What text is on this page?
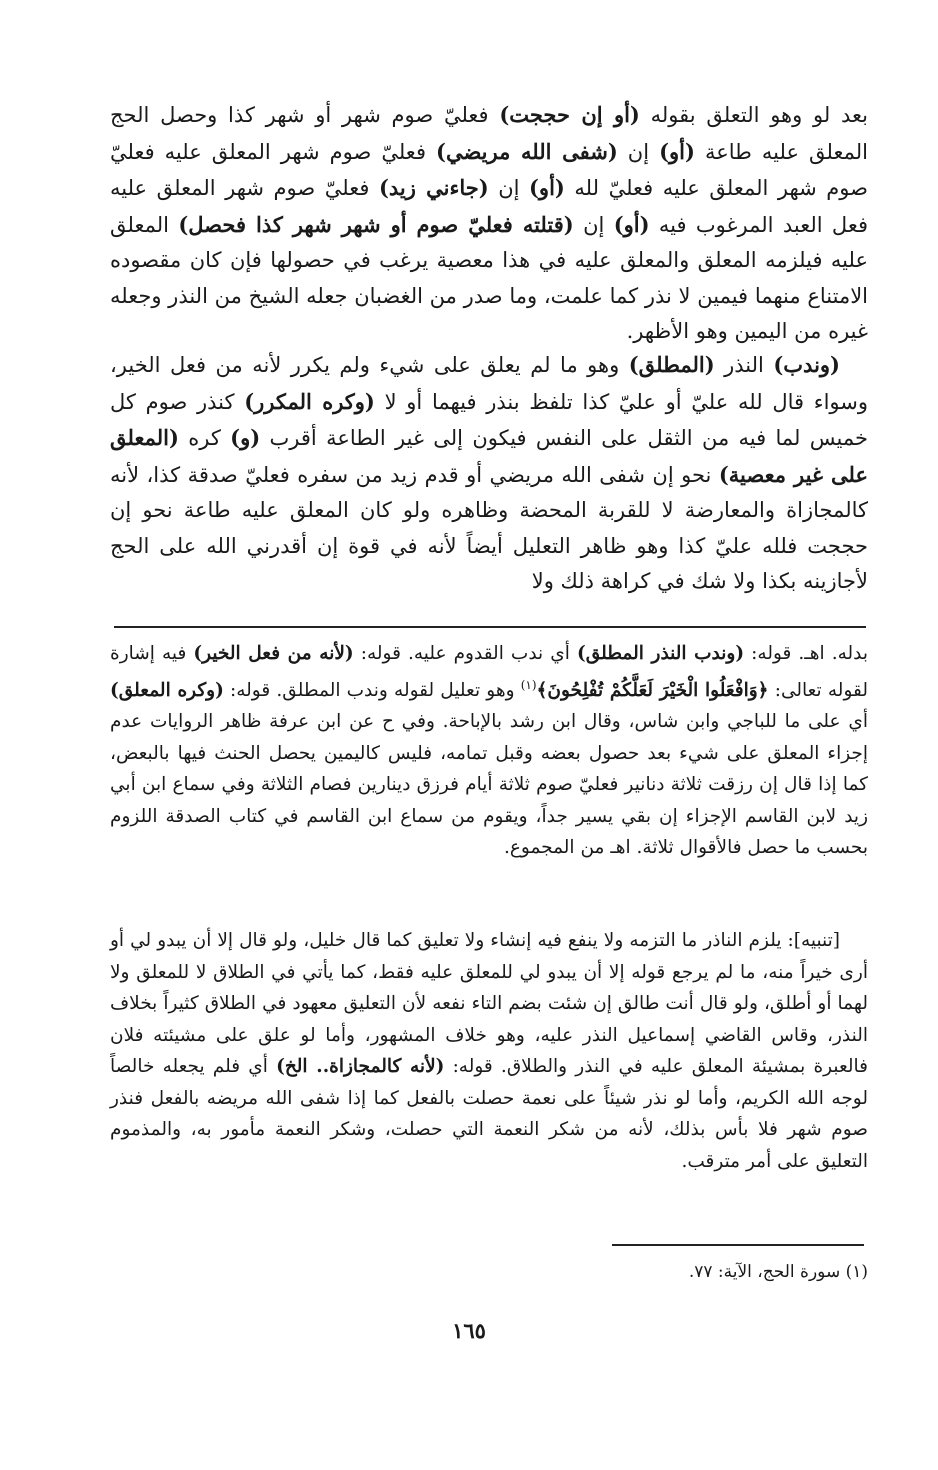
بعد لو وهو التعلق بقوله (أو إن حججت) فعليّ صوم شهر أو شهر كذا وحصل الحج المعلق عليه طاعة (أو) إن (شفى الله مريضي) فعليّ صوم شهر المعلق عليه فعليّ صوم شهر المعلق عليه فعليّ لله (أو) إن (جاءني زيد) فعليّ صوم شهر المعلق عليه فعل العبد المرغوب فيه (أو) إن (قتلته فعليّ صوم أو شهر شهر كذا فحصل) المعلق عليه فيلزمه المعلق والمعلق عليه في هذا معصية يرغب في حصولها فإن كان مقصوده الامتناع منهما فيمين لا نذر كما علمت، وما صدر من الغضبان جعله الشيخ من النذر وجعله غيره من اليمين وهو الأظهر.
(وندب) النذر (المطلق) وهو ما لم يعلق على شيء ولم يكرر لأنه من فعل الخير، وسواء قال لله عليّ أو عليّ كذا تلفظ بنذر فيهما أو لا (وكره المكرر) كنذر صوم كل خميس لما فيه من الثقل على النفس فيكون إلى غير الطاعة أقرب (و) كره (المعلق على غير معصية) نحو إن شفى الله مريضي أو قدم زيد من سفره فعليّ صدقة كذا، لأنه كالمجازاة والمعارضة لا للقربة المحضة وظاهره ولو كان المعلق عليه طاعة نحو إن حججت فلله عليّ كذا وهو ظاهر التعليل أيضاً لأنه في قوة إن أقدرني الله على الحج لأجازينه بكذا ولا شك في كراهة ذلك ولا
بدله. اهـ. قوله: (وندب النذر المطلق) أي ندب القدوم عليه. قوله: (لأنه من فعل الخير) فيه إشارة لقوله تعالى: ﴿وَافْعَلُوا الْخَيْرَ لَعَلَّكُمْ تُفْلِحُونَ﴾$^{(١)}$ وهو تعليل لقوله وندب المطلق. قوله: (وكره المعلق) أي على ما للباجي وابن شاس، وقال ابن رشد بالإباحة. وفي ح عن ابن عرفة ظاهر الروايات عدم إجزاء المعلق على شيء بعد حصول بعضه وقبل تمامه، فليس كاليمين يحصل الحنث فيها بالبعض، كما إذا قال إن رزقت ثلاثة دنانير فعليّ صوم ثلاثة أيام فرزق دينارين فصام الثلاثة وفي سماع ابن أبي زيد لابن القاسم الإجزاء إن بقي يسير جداً، ويقوم من سماع ابن القاسم في كتاب الصدقة اللزوم بحسب ما حصل فالأقوال ثلاثة. اهـ من المجموع.
[تنبيه]: يلزم الناذر ما التزمه ولا ينفع فيه إنشاء ولا تعليق كما قال خليل، ولو قال إلا أن يبدو لي أو أرى خيراً منه، ما لم يرجع قوله إلا أن يبدو لي للمعلق عليه فقط، كما يأتي في الطلاق لا للمعلق ولا لهما أو أطلق، ولو قال أنت طالق إن شئت بضم التاء نفعه لأن التعليق معهود في الطلاق كثيراً بخلاف النذر، وقاس القاضي إسماعيل النذر عليه، وهو خلاف المشهور، وأما لو علق على مشيئته فلان فالعبرة بمشيئة المعلق عليه في النذر والطلاق. قوله: (لأنه كالمجازاة.. الخ) أي فلم يجعله خالصاً لوجه الله الكريم، وأما لو نذر شيئاً على نعمة حصلت بالفعل كما إذا شفى الله مريضه بالفعل فنذر صوم شهر فلا بأس بذلك، لأنه من شكر النعمة التي حصلت، وشكر النعمة مأمور به، والمذموم التعليق على أمر مترقب.
(١) سورة الحج، الآية: ٧٧.
١٦٥
